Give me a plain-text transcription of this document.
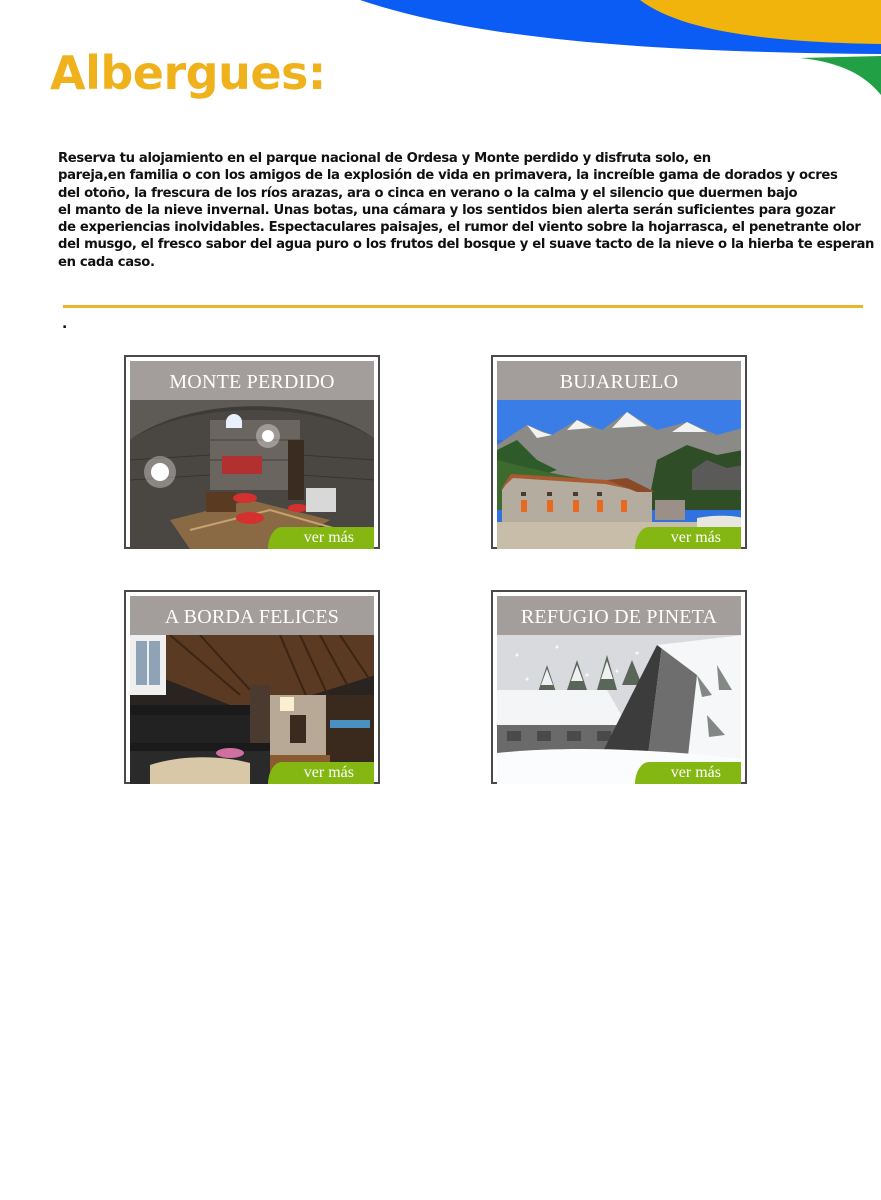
Albergues:
Reserva tu alojamiento en el parque nacional de Ordesa y Monte perdido y disfruta solo, en
pareja,en familia o con los amigos de la explosión de vida en primavera, la increíble gama de dorados y ocres
del otoño, la frescura de los ríos arazas, ara o cinca en verano o la calma y el silencio que duermen bajo
el manto de la nieve invernal. Unas botas, una cámara y los sentidos bien alerta serán suficientes para gozar
de experiencias inolvidables. Espectaculares paisajes, el rumor del viento sobre la hojarrasca, el penetrante olor
del musgo, el fresco sabor del agua puro o los frutos del bosque y el suave tacto de la nieve o la hierba te esperan
en cada caso.
.
MONTE PERDIDO
ver más
BUJARUELO
ver más
A BORDA FELICES
ver más
REFUGIO DE PINETA
ver más
